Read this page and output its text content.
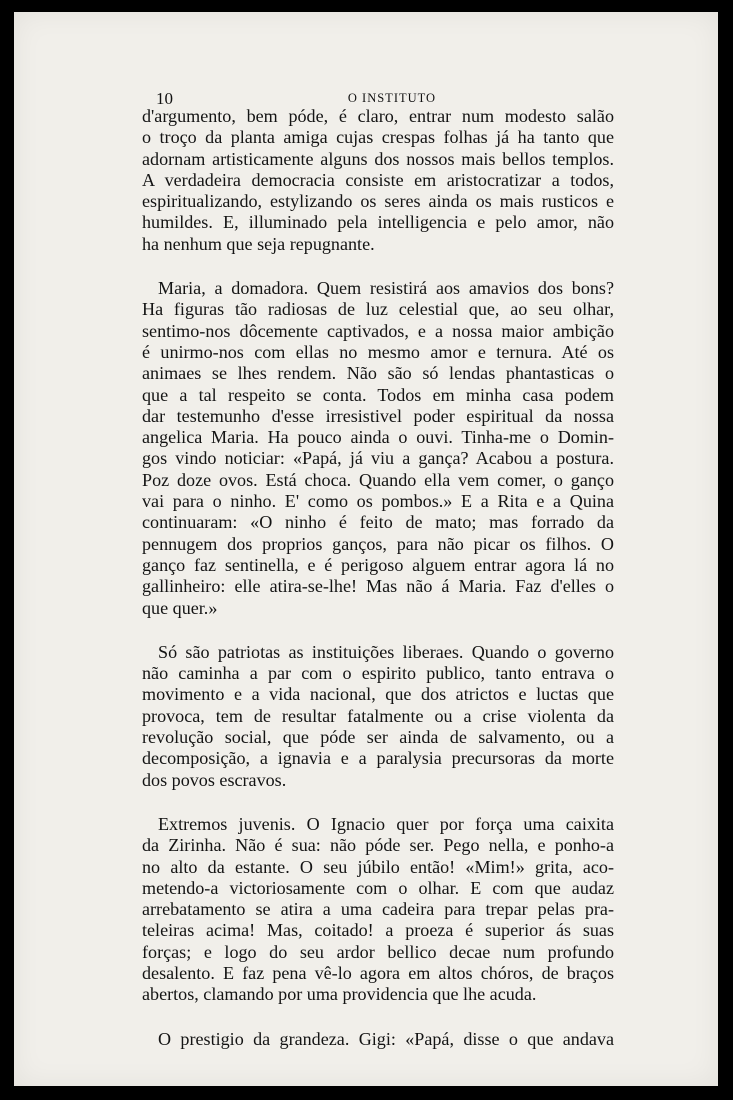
10	O INSTITUTO
d'argumento, bem póde, é claro, entrar num modesto salão
o troço da planta amiga cujas crespas folhas já ha tanto que
adornam artisticamente alguns dos nossos mais bellos templos.
A verdadeira democracia consiste em aristocratizar a todos,
espiritualizando, estylizando os seres ainda os mais rusticos e
humildes. E, illuminado pela intelligencia e pelo amor, não
ha nenhum que seja repugnante.
Maria, a domadora. Quem resistirá aos amavios dos bons?
Ha figuras tão radiosas de luz celestial que, ao seu olhar,
sentimo-nos dôcemente captivados, e a nossa maior ambição
é unirmo-nos com ellas no mesmo amor e ternura. Até os
animaes se lhes rendem. Não são só lendas phantasticas o
que a tal respeito se conta. Todos em minha casa podem
dar testemunho d'esse irresistivel poder espiritual da nossa
angelica Maria. Ha pouco ainda o ouvi. Tinha-me o Domin-
gos vindo noticiar: «Papá, já viu a gança? Acabou a postura.
Poz doze ovos. Está choca. Quando ella vem comer, o ganço
vai para o ninho. E' como os pombos.» E a Rita e a Quina
continuaram: «O ninho é feito de mato; mas forrado da
pennugem dos proprios ganços, para não picar os filhos. O
ganço faz sentinella, e é perigoso alguem entrar agora lá no
gallinheiro: elle atira-se-lhe! Mas não á Maria. Faz d'elles o
que quer.»
Só são patriotas as instituições liberaes. Quando o governo
não caminha a par com o espirito publico, tanto entrava o
movimento e a vida nacional, que dos atrictos e luctas que
provoca, tem de resultar fatalmente ou a crise violenta da
revolução social, que póde ser ainda de salvamento, ou a
decomposição, a ignavia e a paralysia precursoras da morte
dos povos escravos.
Extremos juvenis. O Ignacio quer por força uma caixita
da Zirinha. Não é sua: não póde ser. Pego nella, e ponho-a
no alto da estante. O seu júbilo então! «Mim!» grita, aco-
metendo-a victoriosamente com o olhar. E com que audaz
arrebatamento se atira a uma cadeira para trepar pelas pra-
teleiras acima! Mas, coitado! a proeza é superior ás suas
forças; e logo do seu ardor bellico decae num profundo
desalento. E faz pena vê-lo agora em altos chóros, de braços
abertos, clamando por uma providencia que lhe acuda.
O prestigio da grandeza. Gigi: «Papá, disse o que andava
